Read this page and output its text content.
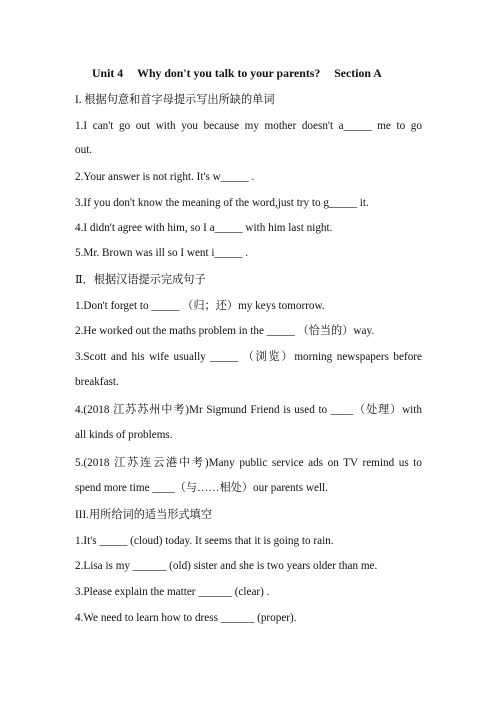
Unit 4 Why don't you talk to your parents? Section A
I. 根据句意和首字母提示写出所缺的单词
1.I can't go out with you because my mother doesn't a_____ me to go
out.
2.Your answer is not right. It's w_____ .
3.If you don't know the meaning of the word,just try to g_____ it.
4.I didn't agree with him, so I a_____ with him last night.
5.Mr. Brown was ill so I went i_____ .
Ⅱ．根据汉语提示完成句子
1.Don't forget to _____ （归；还）my keys tomorrow.
2.He worked out the maths problem in the _____ （恰当的）way.
3.Scott and his wife usually _____ （浏览）morning newspapers before
breakfast.
4.(2018 江苏苏州中考)Mr Sigmund Friend is used to ____（处理）with
all kinds of problems.
5.(2018 江苏连云港中考)Many public service ads on TV remind us to
spend more time ____（与……相处）our parents well.
III.用所给词的适当形式填空
1.It's _____ (cloud) today. It seems that it is going to rain.
2.Lisa is my ______ (old) sister and she is two years older than me.
3.Please explain the matter ______ (clear) .
4.We need to learn how to dress ______ (proper).
